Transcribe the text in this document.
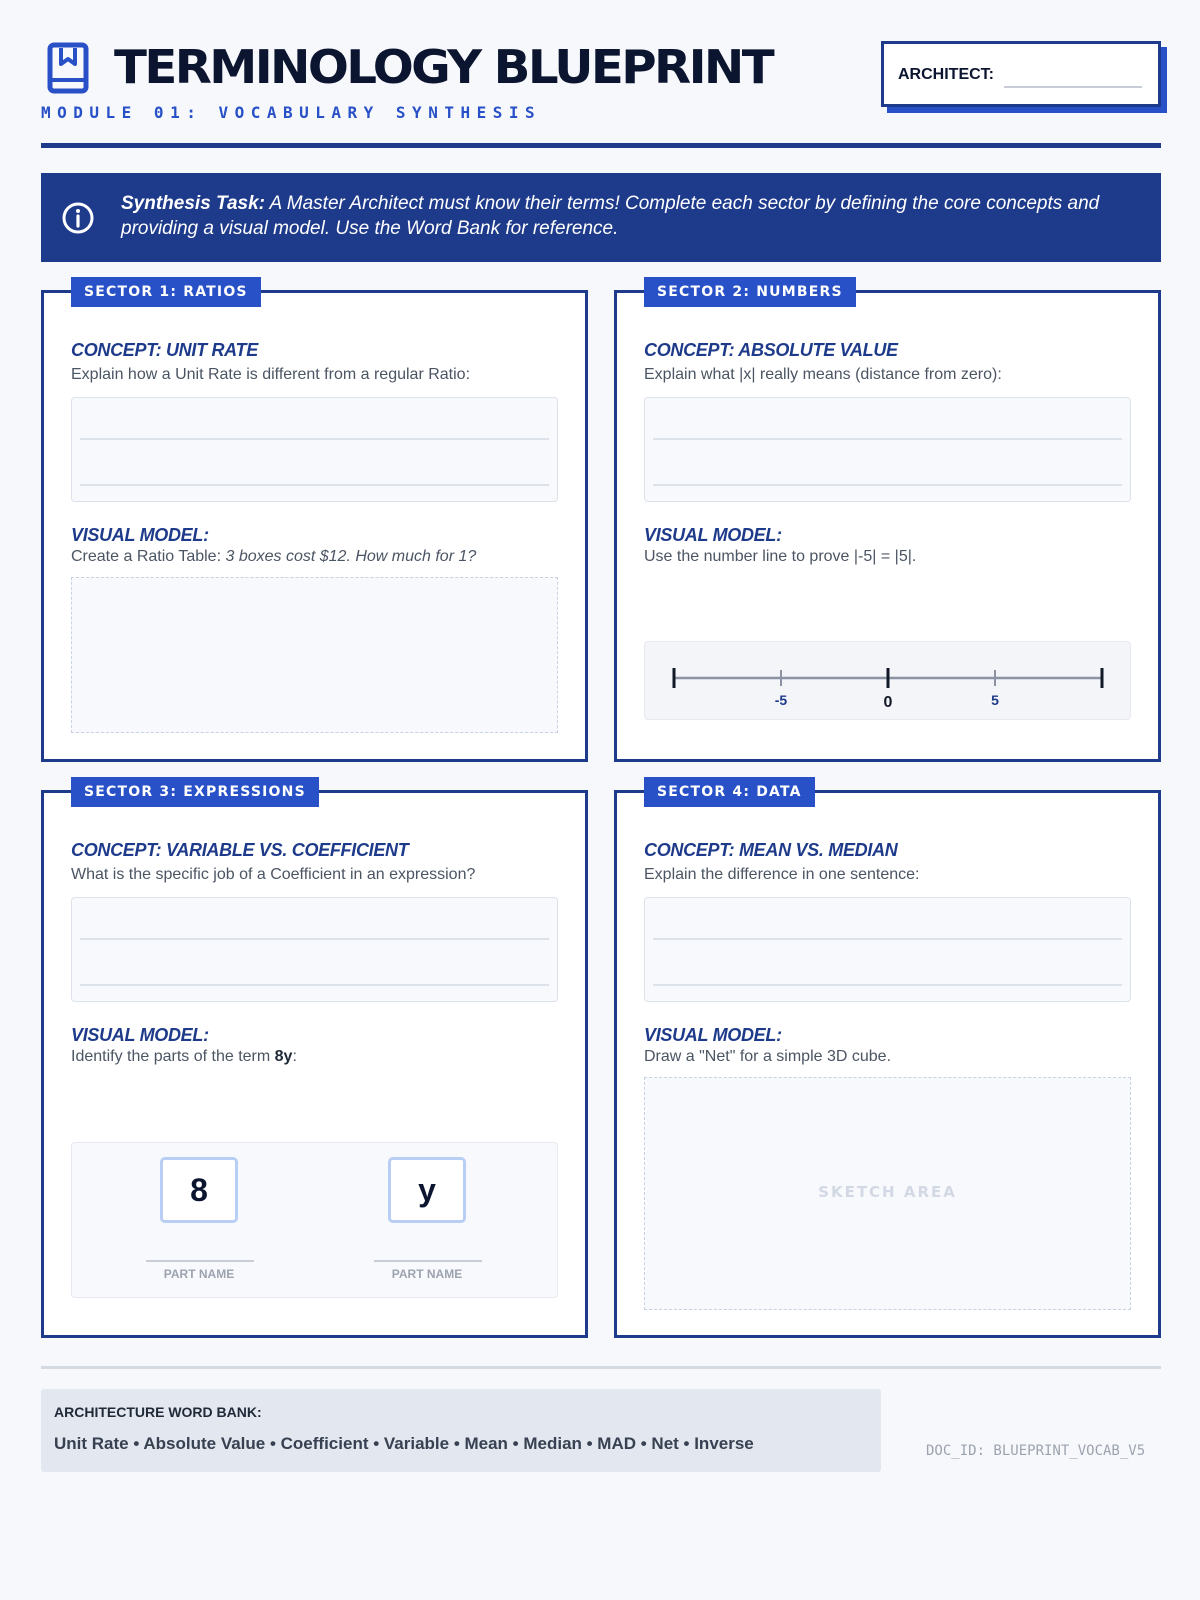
TERMINOLOGY BLUEPRINT
MODULE 01: VOCABULARY SYNTHESIS
ARCHITECT:
Synthesis Task: A Master Architect must know their terms! Complete each sector by defining the core concepts and providing a visual model. Use the Word Bank for reference.
SECTOR 1: RATIOS
CONCEPT: UNIT RATE
Explain how a Unit Rate is different from a regular Ratio:
VISUAL MODEL:
Create a Ratio Table: 3 boxes cost $12. How much for 1?
SECTOR 2: NUMBERS
CONCEPT: ABSOLUTE VALUE
Explain what |x| really means (distance from zero):
VISUAL MODEL:
Use the number line to prove |-5| = |5|.
-5	0	5
SECTOR 3: EXPRESSIONS
CONCEPT: VARIABLE VS. COEFFICIENT
What is the specific job of a Coefficient in an expression?
VISUAL MODEL:
Identify the parts of the term 8y:
8
PART NAME
y
PART NAME
SECTOR 4: DATA
CONCEPT: MEAN VS. MEDIAN
Explain the difference in one sentence:
VISUAL MODEL:
Draw a "Net" for a simple 3D cube.
SKETCH AREA
ARCHITECTURE WORD BANK:
Unit Rate • Absolute Value • Coefficient • Variable • Mean • Median • MAD • Net • Inverse	DOC_ID: BLUEPRINT_VOCAB_V5
